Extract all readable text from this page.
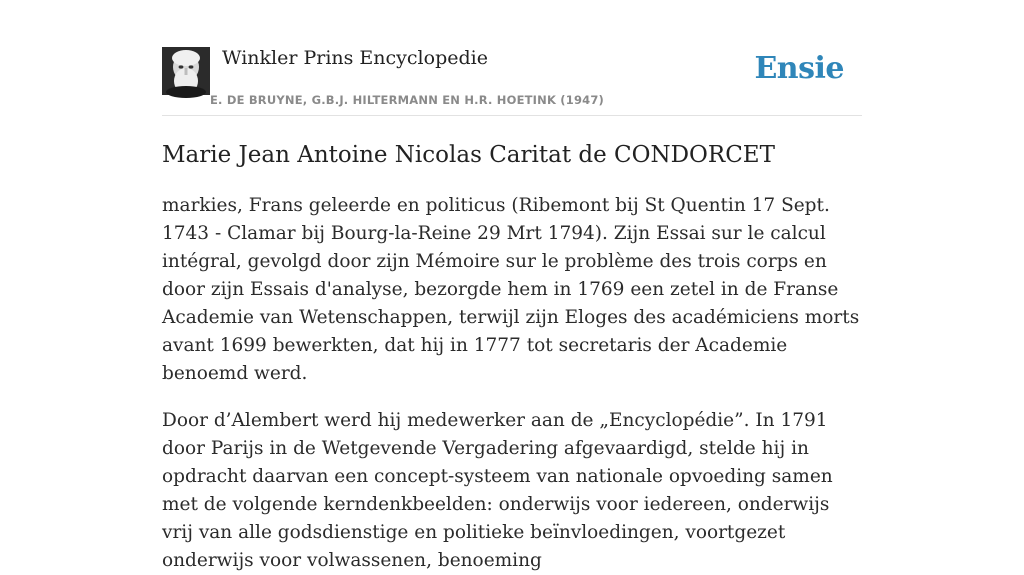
Winkler Prins Encyclopedie
E. DE BRUYNE, G.B.J. HILTERMANN EN H.R. HOETINK (1947)
Ensie
Marie Jean Antoine Nicolas Caritat de CONDORCET

markies, Frans geleerde en politicus (Ribemont bij St Quentin 17 Sept. 1743 - Clamar bij Bourg-la-Reine 29 Mrt 1794). Zijn Essai sur le calcul intégral, gevolgd door zijn Mémoire sur le problème des trois corps en door zijn Essais d'analyse, bezorgde hem in 1769 een zetel in de Franse Academie van Wetenschappen, terwijl zijn Eloges des académiciens morts avant 1699 bewerkten, dat hij in 1777 tot secretaris der Academie benoemd werd.

Door d’Alembert werd hij medewerker aan de „Encyclopédie”. In 1791 door Parijs in de Wetgevende Vergadering afgevaardigd, stelde hij in opdracht daarvan een concept-systeem van nationale opvoeding samen met de volgende kerndenkbeelden: onderwijs voor iedereen, onderwijs vrij van alle godsdienstige en politieke beïnvloedingen, voortgezet onderwijs voor volwassenen, benoeming
